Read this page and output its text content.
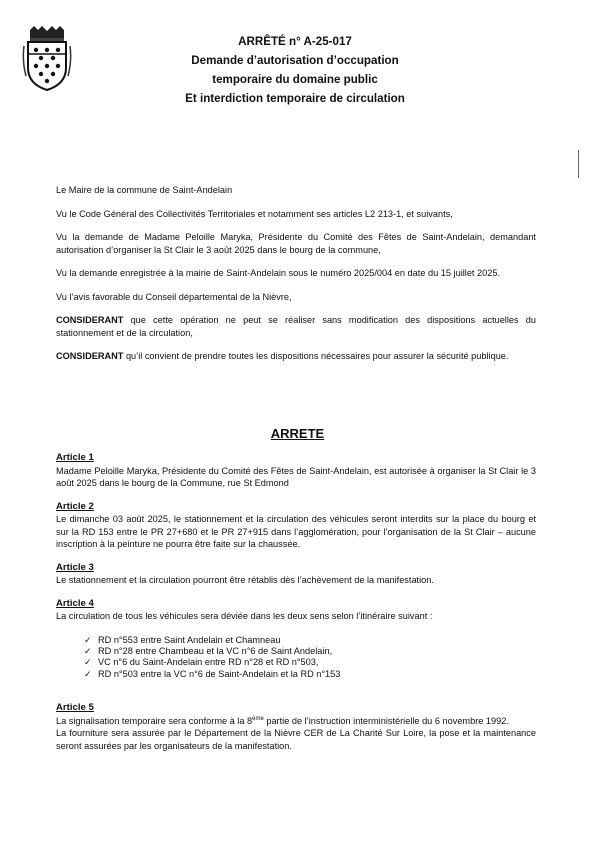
ARRÊTÉ n° A-25-017
Demande d’autorisation d’occupation
temporaire du domaine public
Et interdiction temporaire de circulation

Le Maire de la commune de Saint-Andelain

Vu le Code Général des Collectivités Territoriales et notamment ses articles L2 213-1, et suivants,

Vu la demande de Madame Peloille Maryka, Présidente du Comité des Fêtes de Saint-Andelain, demandant autorisation d’organiser la St Clair le 3 août 2025 dans le bourg de la commune,

Vu la demande enregistrée à la mairie de Saint-Andelain sous le numéro 2025/004 en date du 15 juillet 2025.

Vu l’avis favorable du Conseil départemental de la Nièvre,

CONSIDERANT que cette opération ne peut se réaliser sans modification des dispositions actuelles du stationnement et de la circulation,

CONSIDERANT qu’il convient de prendre toutes les dispositions nécessaires pour assurer la sécurité publique.

ARRETE
Article 1

Madame Peloille Maryka, Présidente du Comité des Fêtes de Saint-Andelain, est autorisée à organiser la St Clair le 3 août 2025 dans le bourg de la Commune, rue St Edmond

Article 2

Le dimanche 03 août 2025, le stationnement et la circulation des véhicules seront interdits sur la place du bourg et sur la RD 153 entre le PR 27+680 et le PR 27+915 dans l’agglomération, pour l’organisation de la St Clair – aucune inscription à la peinture ne pourra être faite sur la chaussée.

Article 3

Le stationnement et la circulation pourront être rétablis dès l’achèvement de la manifestation.

Article 4

La circulation de tous les véhicules sera déviée dans les deux sens selon l’itinéraire suivant :

✓ RD n°553 entre Saint Andelain et Chamneau
✓ RD n°28 entre Chambeau et la VC n°6 de Saint Andelain,
✓ VC n°6 du Saint-Andelain entre RD n°28 et RD n°503,
✓ RD n°503 entre la VC n°6 de Saint-Andelain et la RD n°153
Article 5

La signalisation temporaire sera conforme à la 8ème partie de l’instruction interministérielle du 6 novembre 1992.

La fourniture sera assurée par le Département de la Nièvre CER de La Charité Sur Loire, la pose et la maintenance seront assurées par les organisateurs de la manifestation.
